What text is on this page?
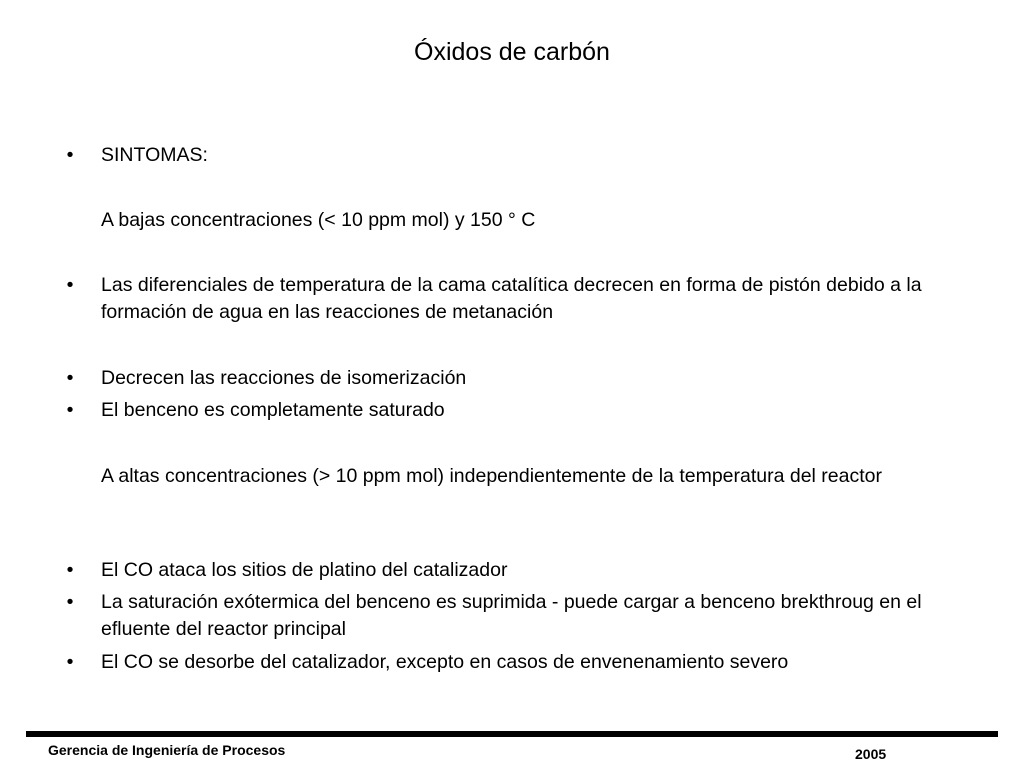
Óxidos de carbón
• SINTOMAS:
A bajas concentraciones (< 10 ppm mol) y 150 ° C
• Las diferenciales de temperatura de la cama catalítica decrecen en forma de pistón debido a la formación de agua en las reacciones de metanación
• Decrecen las reacciones de isomerización
• El benceno es completamente saturado
A altas concentraciones (> 10 ppm mol) independientemente de la temperatura del reactor
• El CO ataca los sitios de platino del catalizador
• La saturación exótermica del benceno es suprimida - puede cargar a benceno brekthroug en el efluente del reactor principal
• El CO se desorbe del catalizador, excepto en casos de envenenamiento severo
Gerencia de Ingeniería de Procesos	2005
